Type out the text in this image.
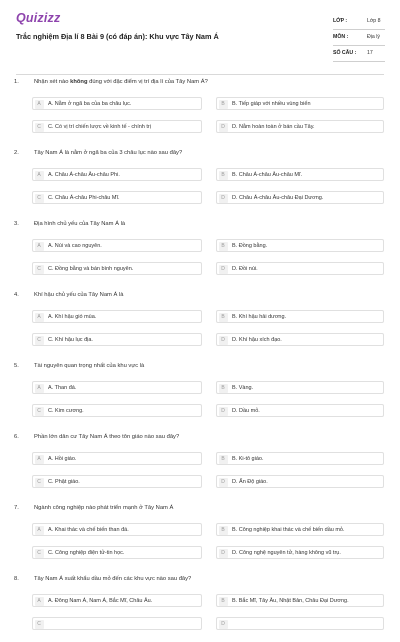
Quizizz
Trắc nghiệm Địa lí 8 Bài 9 (có đáp án): Khu vực Tây Nam Á
LỚP :	Lớp 8
MÔN :	Địa lý
SỐ CÂU : 17
1.	Nhận xét nào không đúng với đặc điểm vị trí địa lí của Tây Nam Á?
A	A. Nằm ở ngã ba của ba châu lục.	B	B. Tiếp giáp với nhiều vùng biển
C	C. Có vị trí chiến lược về kinh tế - chính trị	D	D. Nằm hoàn toàn ở bán cầu Tây.
2.	Tây Nam Á là nằm ở ngã ba của 3 châu lục nào sau đây?
A	A. Châu Á-châu Âu-châu Phi.	B	B. Châu Á-châu Âu-châu Mĩ.
C	C. Châu Á-châu Phi-châu Mĩ.	D	D. Châu Á-châu Âu-châu Đại Dương.
3.	Địa hình chủ yếu của Tây Nam Á là
A	A. Núi và cao nguyên.	B	B. Đồng bằng.
C	C. Đồng bằng và bán bình nguyên.	D	D. Đồi núi.
4.	Khí hậu chủ yếu của Tây Nam Á là
A	A. Khí hậu gió mùa.	B	B. Khí hậu hải dương.
C	C. Khí hậu lục địa.	D	D. Khí hậu xích đạo.
5.	Tài nguyên quan trọng nhất của khu vực là
A	A. Than đá.	B	B. Vàng.
C	C. Kim cương.	D	D. Dầu mỏ.
6.	Phần lớn dân cư Tây Nam Á theo tôn giáo nào sau đây?
A	A. Hồi giáo.	B	B. Ki-tô giáo.
C	C. Phật giáo.	D	D. Ấn Độ giáo.
7.	Ngành công nghiệp nào phát triển mạnh ở Tây Nam Á
A	A. Khai thác và chế biến than đá.	B	B. Công nghiệp khai thác và chế biến dầu mỏ.
C	C. Công nghiệp điện tử-tin học.	D	D. Công nghệ nguyên tử, hàng không vũ trụ.
8.	Tây Nam Á xuất khẩu dầu mỏ đến các khu vực nào sau đây?
A	A. Đông Nam Á, Nam Á, Bắc Mĩ, Châu Âu.	B	B. Bắc Mĩ, Tây Âu, Nhật Bản, Châu Đại Dương.
C	D
